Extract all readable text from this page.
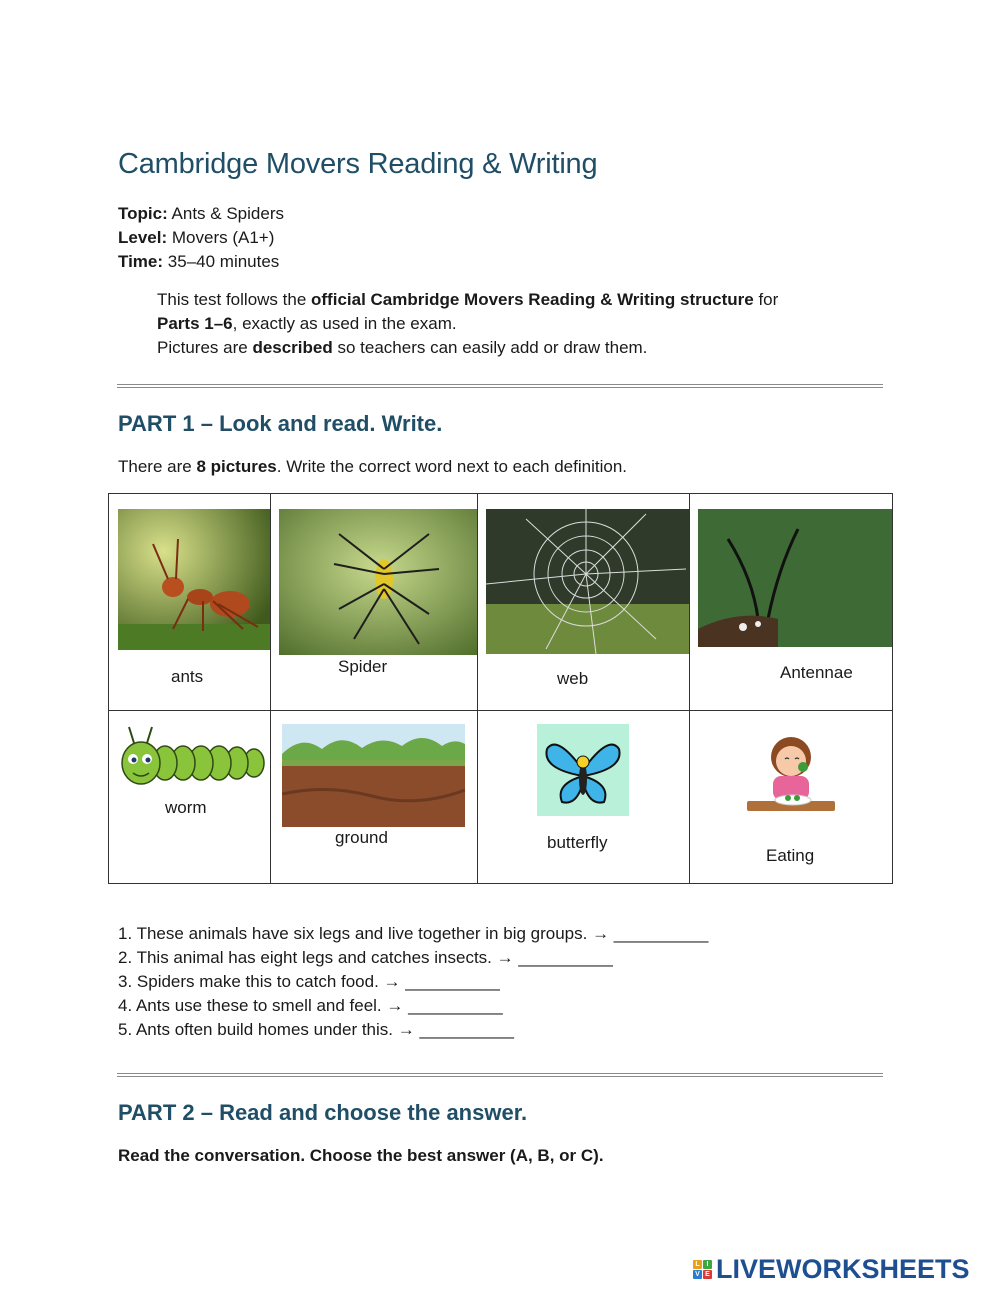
Cambridge Movers Reading & Writing
Topic: Ants & Spiders
Level: Movers (A1+)
Time: 35–40 minutes
This test follows the official Cambridge Movers Reading & Writing structure for
Parts 1–6, exactly as used in the exam.
Pictures are described so teachers can easily add or draw them.
PART 1 – Look and read. Write.
There are 8 pictures. Write the correct word next to each definition.
ants	Spider	web	Antennae

worm	ground	butterfly	Eating
1. These animals have six legs and live together in big groups. → __________
2. This animal has eight legs and catches insects. → __________
3. Spiders make this to catch food. → __________
4. Ants use these to smell and feel. → __________
5. Ants often build homes under this. → __________
PART 2 – Read and choose the answer.
Read the conversation. Choose the best answer (A, B, or C).
L I
V E LIVEWORKSHEETS
